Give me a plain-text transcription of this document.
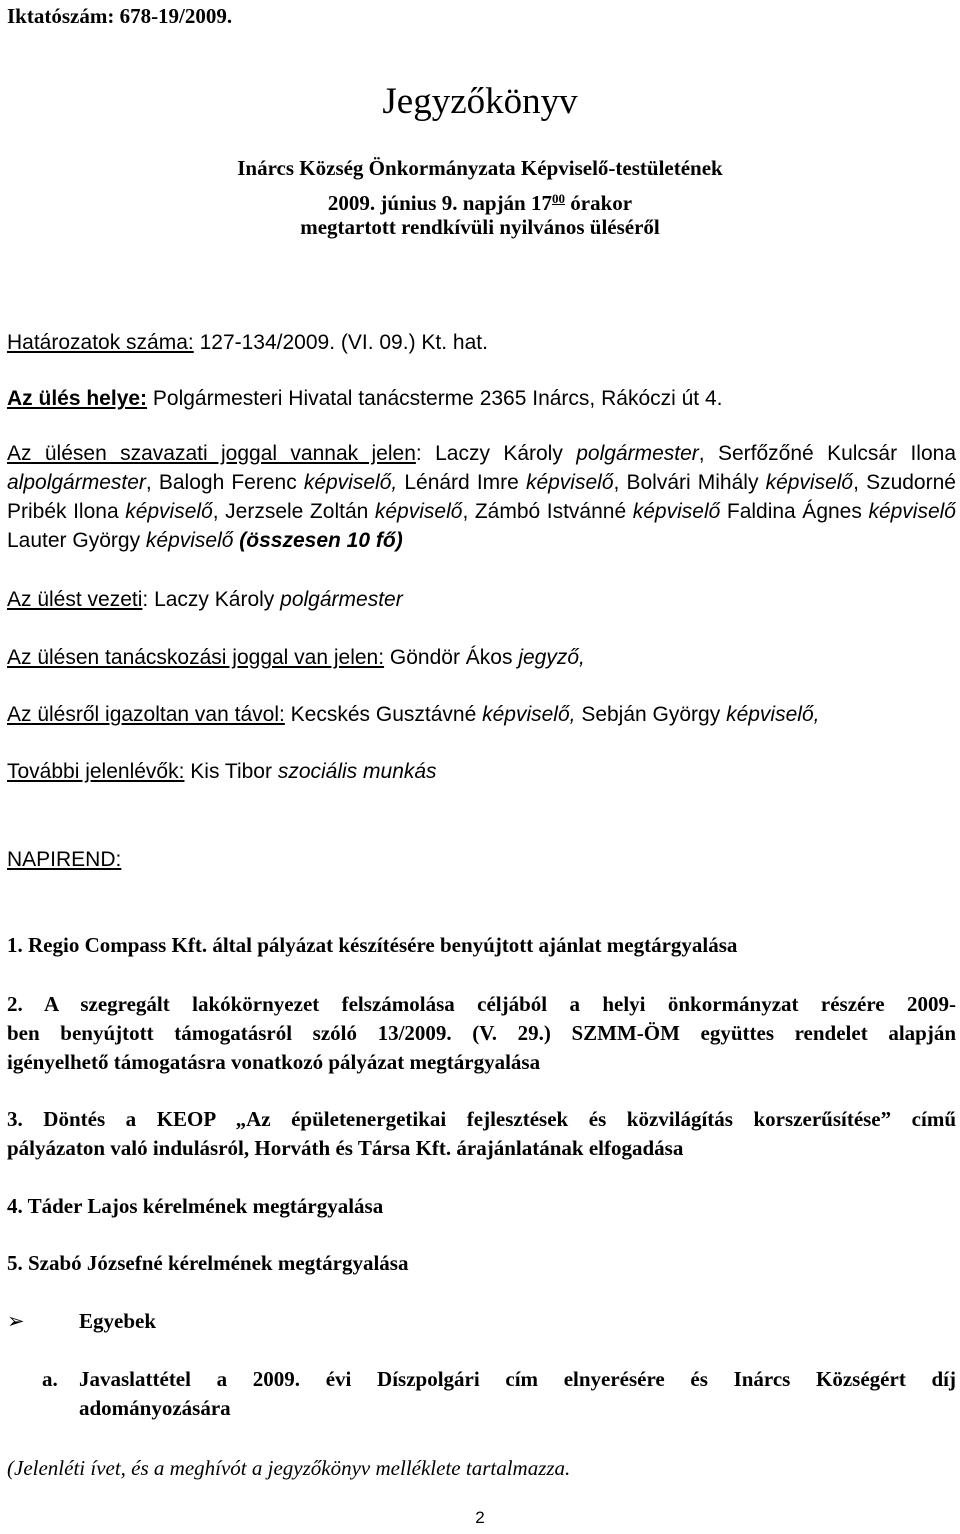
Iktatószám: 678-19/2009.

Jegyzőkönyv

Inárcs Község Önkormányzata Képviselő-testületének

2009. június 9. napján $17^{00}$ órakor

megtartott rendkívüli nyilvános üléséről

Határozatok száma: 127-134/2009. (VI. 09.) Kt. hat.

Az ülés helye: Polgármesteri Hivatal tanácsterme 2365 Inárcs, Rákóczi út 4.

Az ülésen szavazati joggal vannak jelen: Laczy Károly polgármester, Serfőzőné Kulcsár Ilona alpolgármester, Balogh Ferenc képviselő, Lénárd Imre képviselő, Bolvári Mihály képviselő, Szudorné Pribék Ilona képviselő, Jerzsele Zoltán képviselő, Zámbó Istvánné képviselő Faldina Ágnes képviselő Lauter György képviselő (összesen 10 fő)

Az ülést vezeti: Laczy Károly polgármester

Az ülésen tanácskozási joggal van jelen: Göndör Ákos jegyző,

Az ülésről igazoltan van távol: Kecskés Gusztávné képviselő, Sebján György képviselő,

További jelenlévők: Kis Tibor szociális munkás

NAPIREND:

1. Regio Compass Kft. által pályázat készítésére benyújtott ajánlat megtárgyalása

2. A szegregált lakókörnyezet felszámolása céljából a helyi önkormányzat részére 2009-
ben benyújtott támogatásról szóló 13/2009. (V. 29.) SZMM-ÖM együttes rendelet alapján
igényelhető támogatásra vonatkozó pályázat megtárgyalása
3. Döntés a KEOP „Az épületenergetikai fejlesztések és közvilágítás korszerűsítése” című
pályázaton való indulásról, Horváth és Társa Kft. árajánlatának elfogadása

4. Táder Lajos kérelmének megtárgyalása

5. Szabó Józsefné kérelmének megtárgyalása

➢	Egyebek

a. Javaslattétel a 2009. évi Díszpolgári cím elnyerésére és Inárcs Községért díj
adományozására

(Jelenléti ívet, és a meghívót a jegyzőkönyv melléklete tartalmazza.

2
